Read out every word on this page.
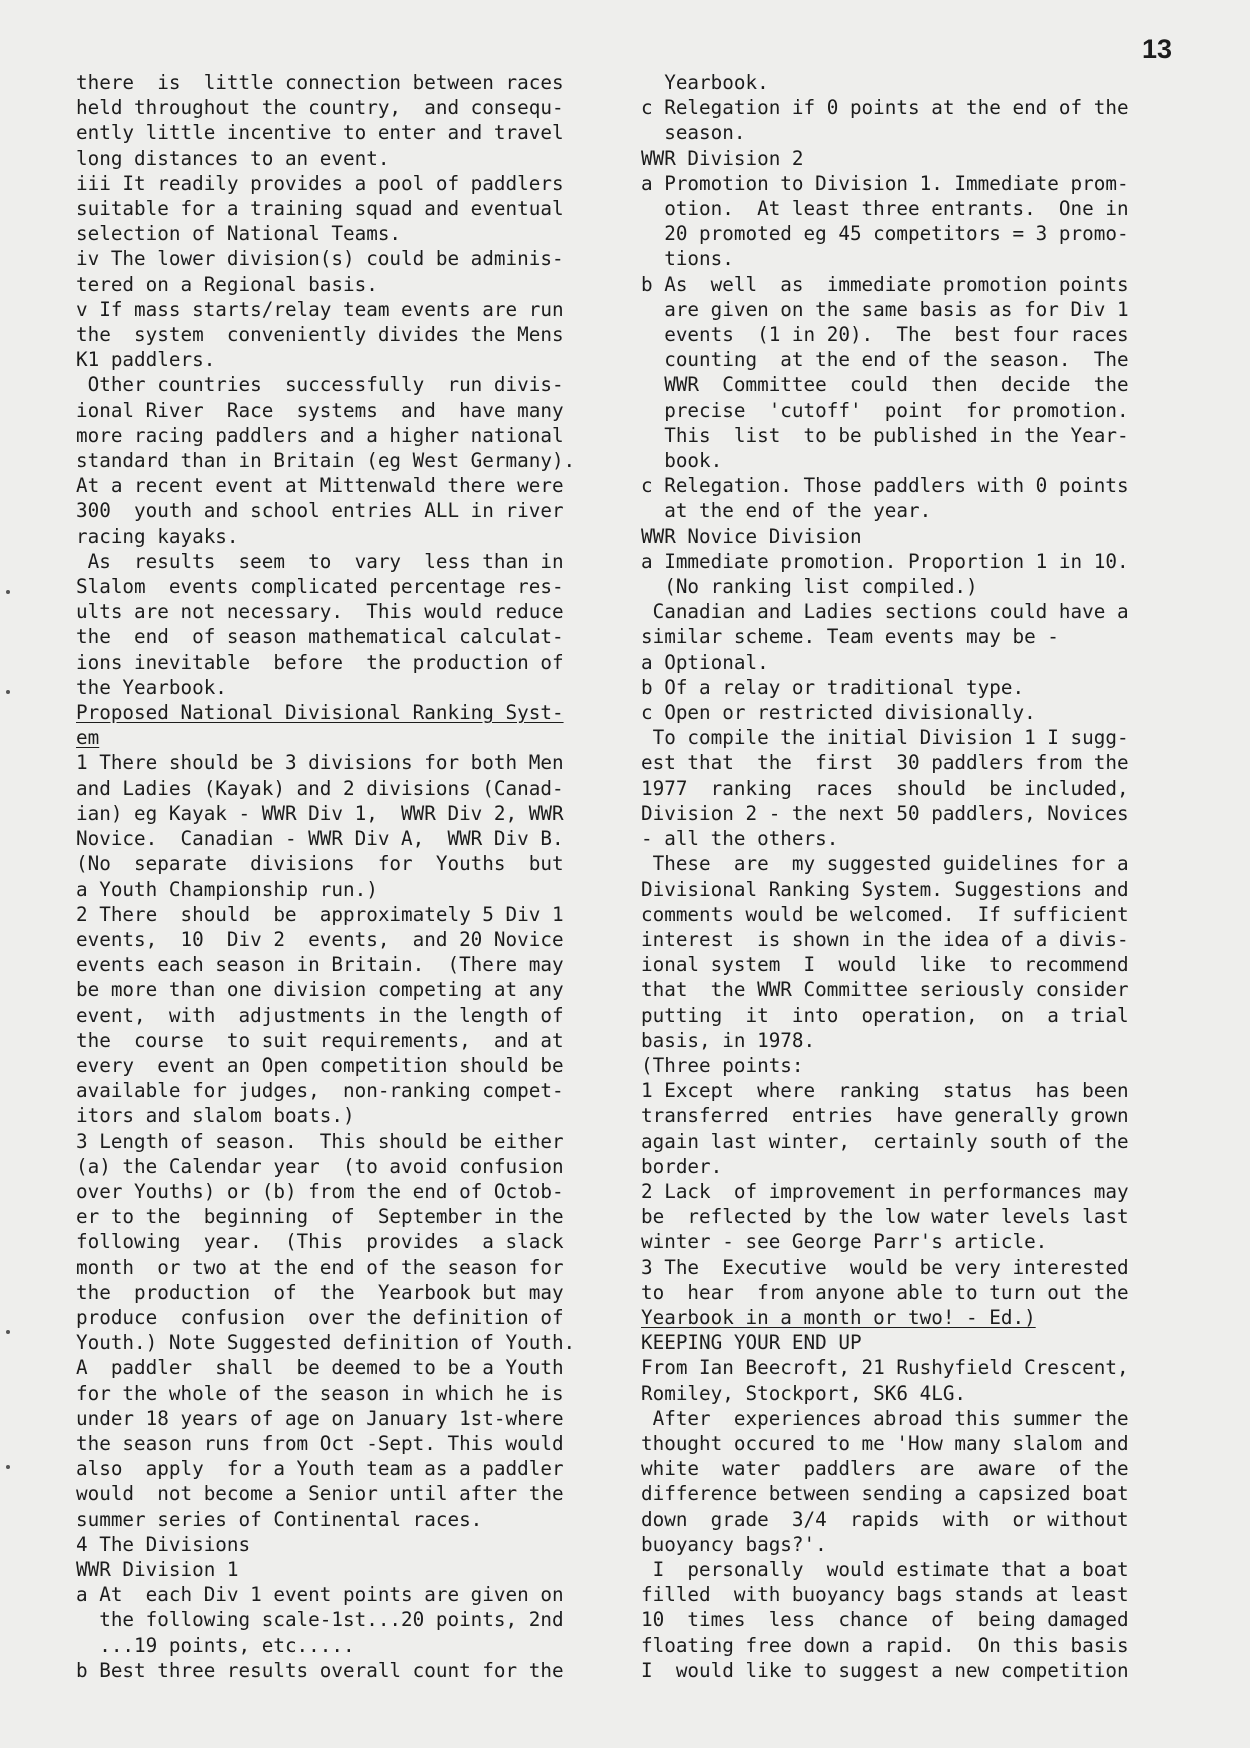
13

there  is  little connection between races

held throughout the country,  and consequ-

ently little incentive to enter and travel

long distances to an event.

iii It readily provides a pool of paddlers

suitable for a training squad and eventual

selection of National Teams.

iv The lower division(s) could be adminis-

tered on a Regional basis.

v If mass starts/relay team events are run

the  system  conveniently divides the Mens

K1 paddlers.

Other countries  successfully  run divis-

ional River  Race  systems  and  have many

more racing paddlers and a higher national

standard than in Britain (eg West Germany).

At a recent event at Mittenwald there were

300  youth and school entries ALL in river

racing kayaks.

As  results  seem  to  vary  less than in

Slalom  events complicated percentage res-

ults are not necessary.  This would reduce

the  end  of season mathematical calculat-

ions inevitable  before  the production of

the Yearbook.

Proposed National Divisional Ranking Syst-

em

1 There should be 3 divisions for both Men

and Ladies (Kayak) and 2 divisions (Canad-

ian) eg Kayak - WWR Div 1,  WWR Div 2, WWR

Novice.  Canadian - WWR Div A,  WWR Div B.

(No  separate  divisions  for  Youths  but

a Youth Championship run.)

2 There  should  be  approximately 5 Div 1

events,  10  Div 2  events,  and 20 Novice

events each season in Britain.  (There may

be more than one division competing at any

event,  with  adjustments in the length of

the  course  to suit requirements,  and at

every  event an Open competition should be

available for judges,  non-ranking compet-

itors and slalom boats.)

3 Length of season.  This should be either

(a) the Calendar year  (to avoid confusion

over Youths) or (b) from the end of Octob-

er to the  beginning  of  September in the

following  year.  (This  provides  a slack

month  or two at the end of the season for

the  production  of  the  Yearbook but may

produce  confusion  over the definition of

Youth.) Note Suggested definition of Youth.

A  paddler  shall  be deemed to be a Youth

for the whole of the season in which he is

under 18 years of age on January 1st-where

the season runs from Oct -Sept. This would

also  apply  for a Youth team as a paddler

would  not become a Senior until after the

summer series of Continental races.

4 The Divisions

WWR Division 1

a At  each Div 1 event points are given on

the following scale-1st...20 points, 2nd

...19 points, etc.....

b Best three results overall count for the

Yearbook.

c Relegation if 0 points at the end of the

season.

WWR Division 2

a Promotion to Division 1. Immediate prom-

otion.  At least three entrants.  One in

20 promoted eg 45 competitors = 3 promo-

tions.

b As  well  as  immediate promotion points

are given on the same basis as for Div 1

events  (1 in 20).  The  best four races

counting  at the end of the season.  The

WWR  Committee  could  then  decide  the

precise  'cutoff'  point  for promotion.

This  list  to be published in the Year-

book.

c Relegation. Those paddlers with 0 points

at the end of the year.

WWR Novice Division

a Immediate promotion. Proportion 1 in 10.

(No ranking list compiled.)

Canadian and Ladies sections could have a

similar scheme. Team events may be -

a Optional.

b Of a relay or traditional type.

c Open or restricted divisionally.

To compile the initial Division 1 I sugg-

est that  the  first  30 paddlers from the

1977  ranking  races  should  be included,

Division 2 - the next 50 paddlers, Novices

- all the others.

These  are  my suggested guidelines for a

Divisional Ranking System. Suggestions and

comments would be welcomed.  If sufficient

interest  is shown in the idea of a divis-

ional system  I  would  like  to recommend

that  the WWR Committee seriously consider

putting  it  into  operation,  on  a trial

basis, in 1978.

(Three points:

1 Except  where  ranking  status  has been

transferred  entries  have generally grown

again last winter,  certainly south of the

border.

2 Lack  of improvement in performances may

be  reflected by the low water levels last

winter - see George Parr's article.

3 The  Executive  would be very interested

to  hear  from anyone able to turn out the

Yearbook in a month or two! - Ed.)

KEEPING YOUR END UP

From Ian Beecroft, 21 Rushyfield Crescent,

Romiley, Stockport, SK6 4LG.

After  experiences abroad this summer the

thought occured to me 'How many slalom and

white  water  paddlers  are  aware  of the

difference between sending a capsized boat

down  grade  3/4  rapids  with  or without

buoyancy bags?'.

I  personally  would estimate that a boat

filled  with buoyancy bags stands at least

10  times  less  chance  of  being damaged

floating free down a rapid.  On this basis

I  would like to suggest a new competition
